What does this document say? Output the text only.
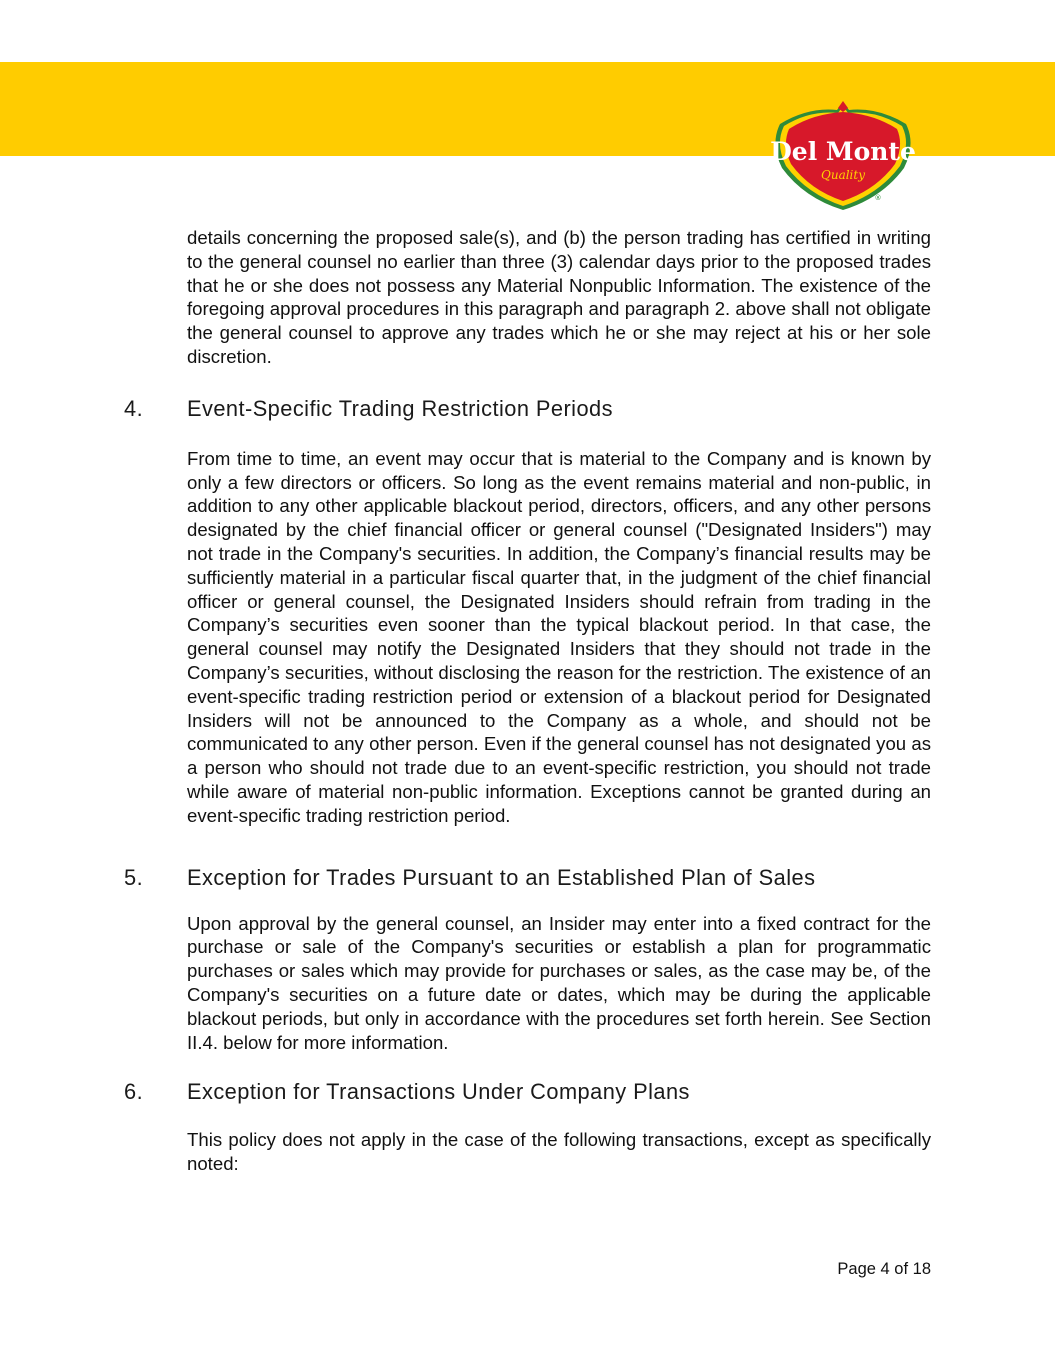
Del Monte
Quality
®

details concerning the proposed sale(s), and (b) the person trading has certified in writing to the general counsel no earlier than three (3) calendar days prior to the proposed trades that he or she does not possess any Material Nonpublic Information. The existence of the foregoing approval procedures in this paragraph and paragraph 2. above shall not obligate the general counsel to approve any trades which he or she may reject at his or her sole discretion.

4. Event-Specific Trading Restriction Periods

From time to time, an event may occur that is material to the Company and is known by only a few directors or officers. So long as the event remains material and non-public, in addition to any other applicable blackout period, directors, officers, and any other persons designated by the chief financial officer or general counsel ("Designated Insiders") may not trade in the Company's securities. In addition, the Company’s financial results may be sufficiently material in a particular fiscal quarter that, in the judgment of the chief financial officer or general counsel, the Designated Insiders should refrain from trading in the Company’s securities even sooner than the typical blackout period. In that case, the general counsel may notify the Designated Insiders that they should not trade in the Company’s securities, without disclosing the reason for the restriction. The existence of an event-specific trading restriction period or extension of a blackout period for Designated Insiders will not be announced to the Company as a whole, and should not be communicated to any other person. Even if the general counsel has not designated you as a person who should not trade due to an event-specific restriction, you should not trade while aware of material non-public information. Exceptions cannot be granted during an event-specific trading restriction period.

5. Exception for Trades Pursuant to an Established Plan of Sales

Upon approval by the general counsel, an Insider may enter into a fixed contract for the purchase or sale of the Company's securities or establish a plan for programmatic purchases or sales which may provide for purchases or sales, as the case may be, of the Company's securities on a future date or dates, which may be during the applicable blackout periods, but only in accordance with the procedures set forth herein. See Section II.4. below for more information.

6. Exception for Transactions Under Company Plans

This policy does not apply in the case of the following transactions, except as specifically noted:

Page 4 of 18
